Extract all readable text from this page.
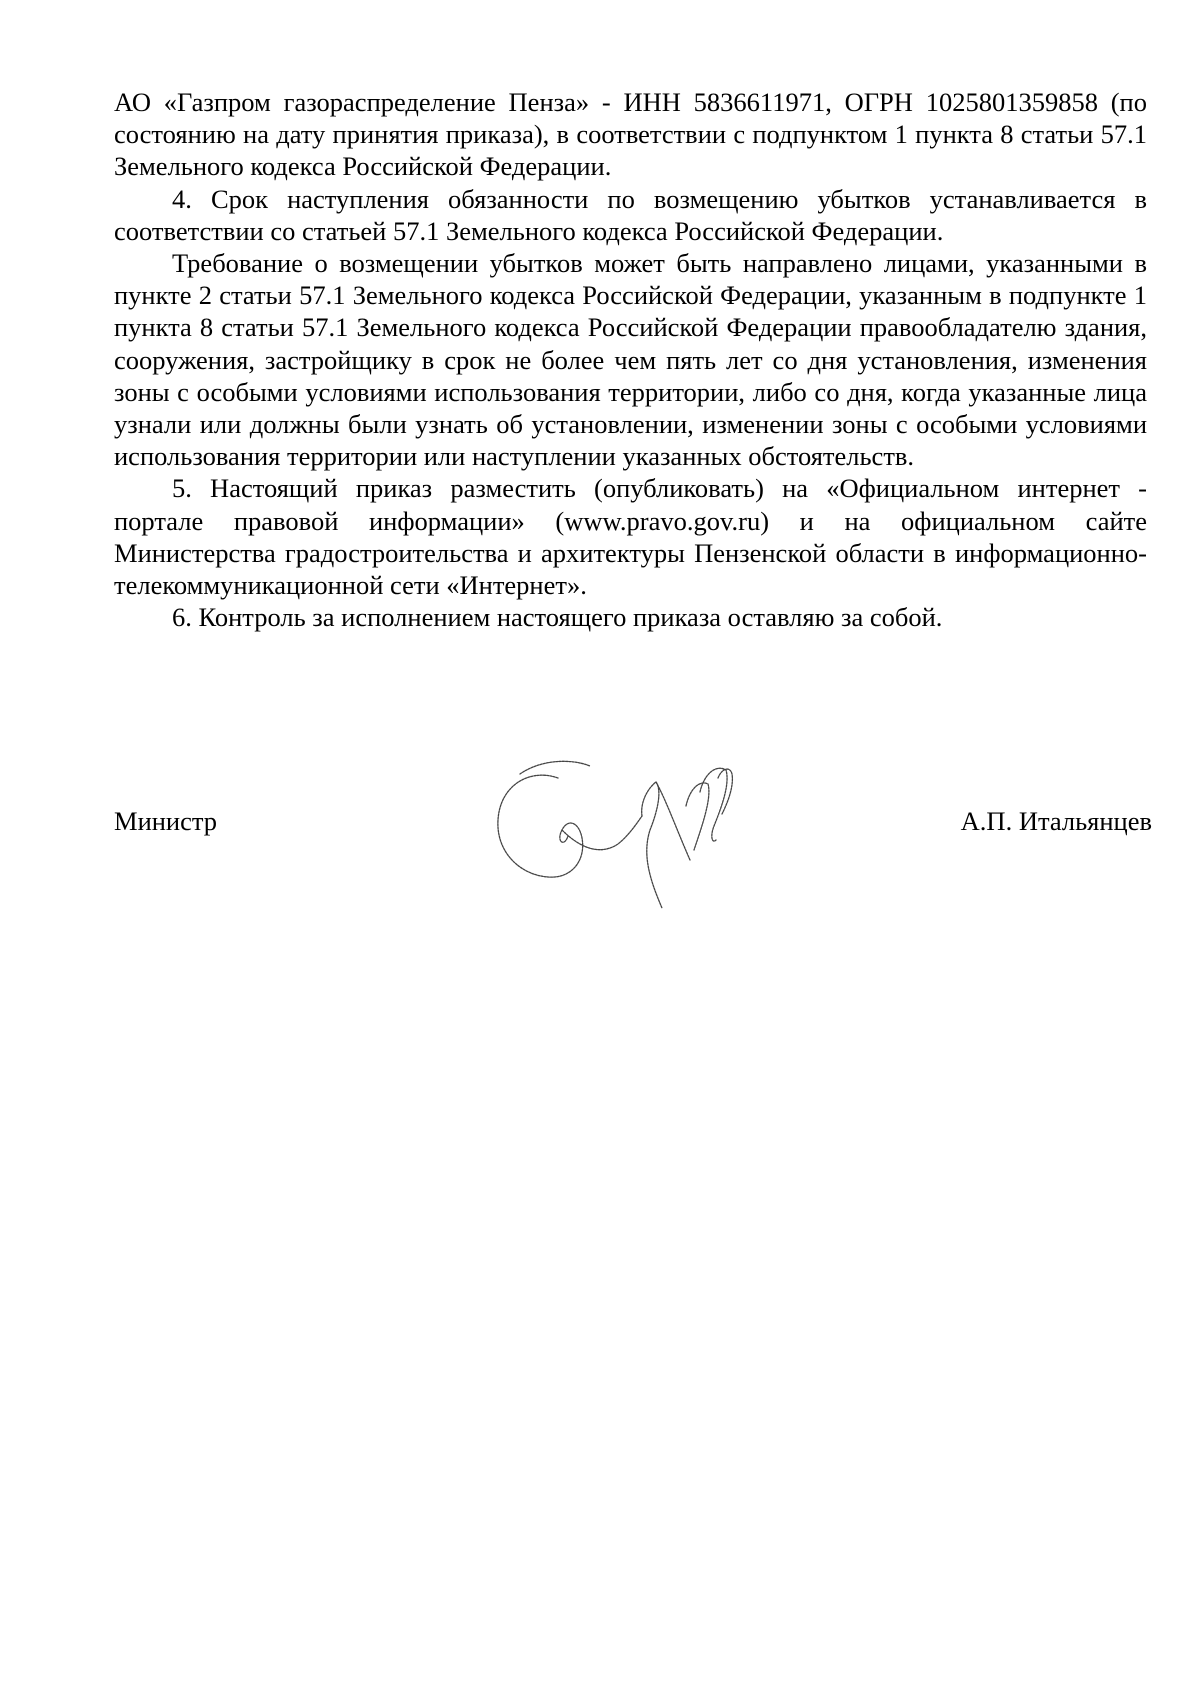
АО «Газпром газораспределение Пенза» - ИНН 5836611971, ОГРН 1025801359858 (по состоянию на дату принятия приказа), в соответствии с подпунктом 1 пункта 8 статьи 57.1 Земельного кодекса Российской Федерации.

4. Срок наступления обязанности по возмещению убытков устанавливается в соответствии со статьей 57.1 Земельного кодекса Российской Федерации.

Требование о возмещении убытков может быть направлено лицами, указанными в пункте 2 статьи 57.1 Земельного кодекса Российской Федерации, указанным в подпункте 1 пункта 8 статьи 57.1 Земельного кодекса Российской Федерации правообладателю здания, сооружения, застройщику в срок не более чем пять лет со дня установления, изменения зоны с особыми условиями использования территории, либо со дня, когда указанные лица узнали или должны были узнать об установлении, изменении зоны с особыми условиями использования территории или наступлении указанных обстоятельств.

5. Настоящий приказ разместить (опубликовать) на «Официальном интернет - портале правовой информации» (www.pravo.gov.ru) и на официальном сайте Министерства градостроительства и архитектуры Пензенской области в информационно-телекоммуникационной сети «Интернет».

6. Контроль за исполнением настоящего приказа оставляю за собой.

Министр	А.П. Итальянцев
